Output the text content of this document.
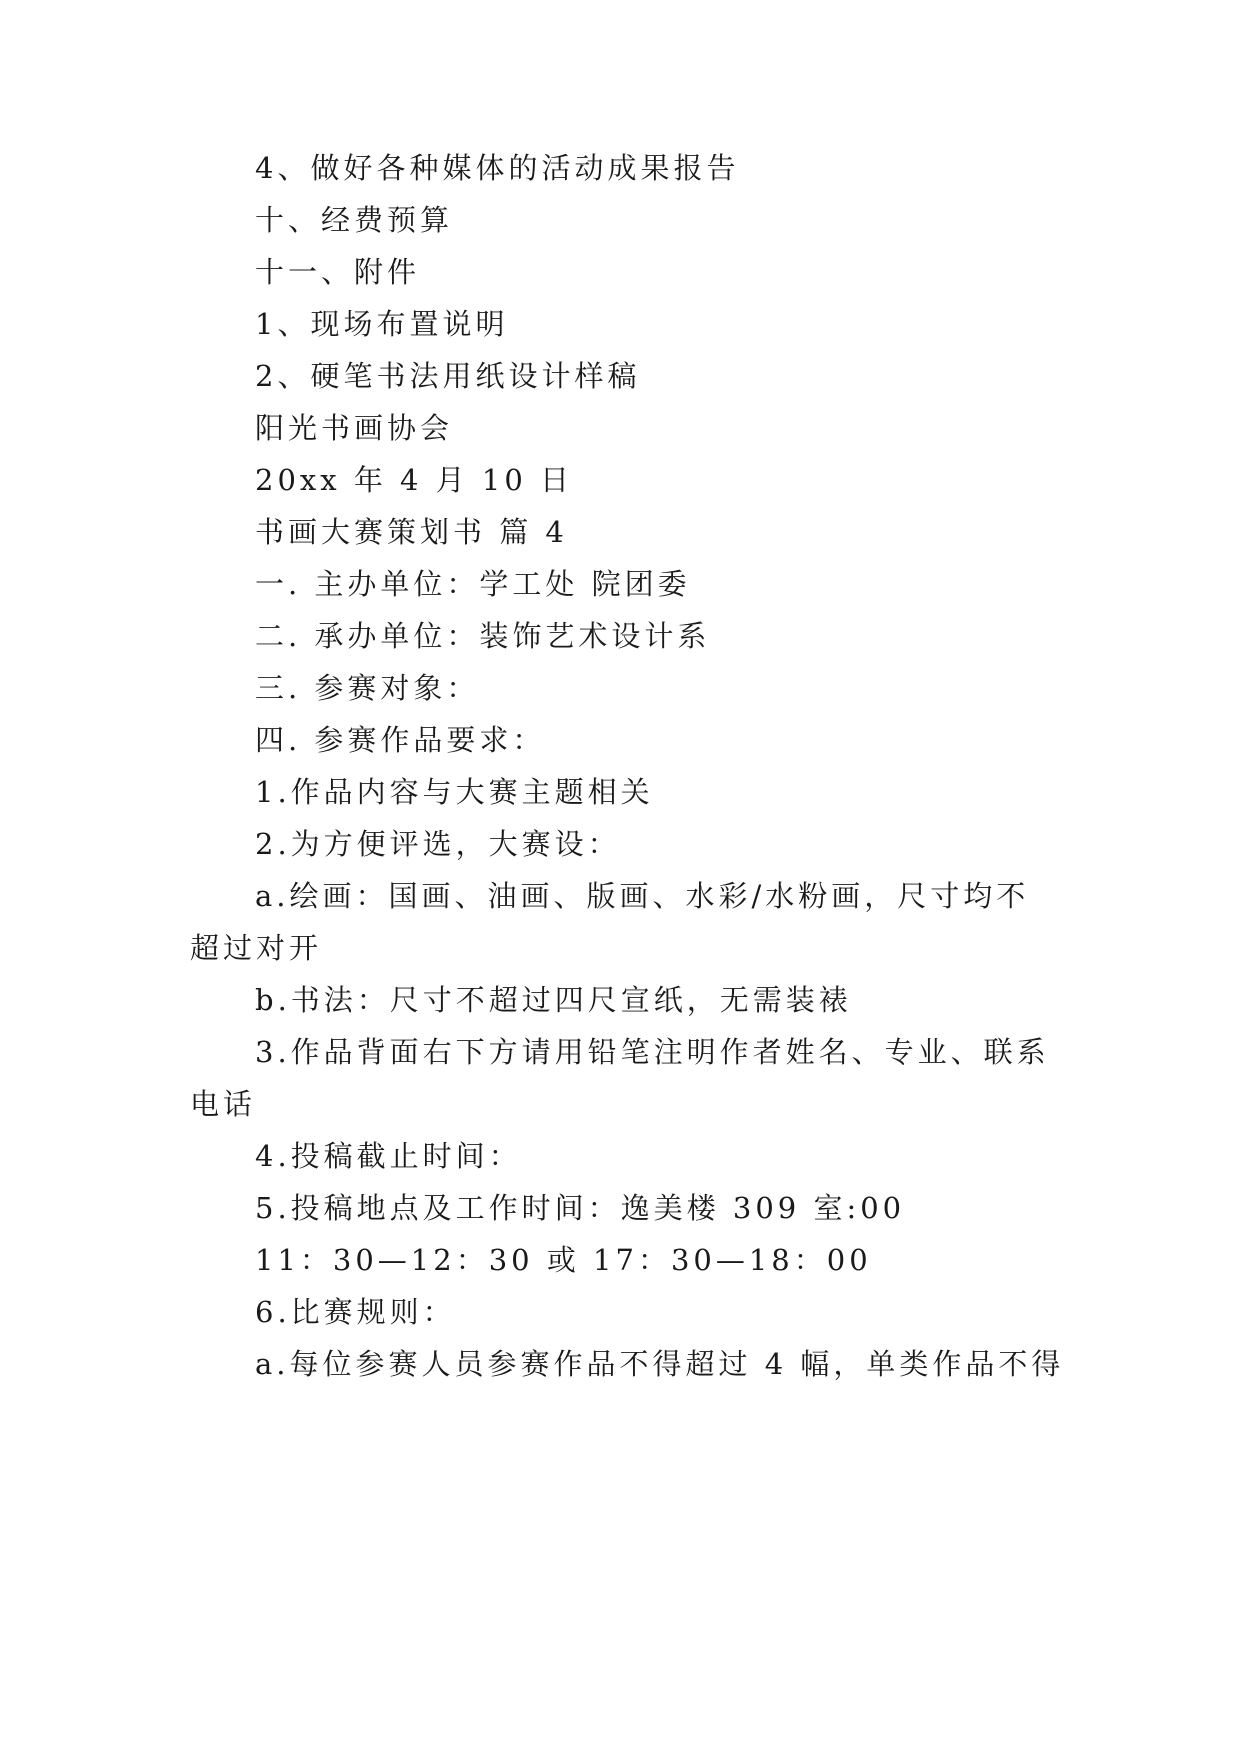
4、做好各种媒体的活动成果报告
十、经费预算
十一、附件
1、现场布置说明
2、硬笔书法用纸设计样稿
阳光书画协会
20xx 年 4 月 10 日
书画大赛策划书 篇 4
一. 主办单位：学工处 院团委
二. 承办单位：装饰艺术设计系
三. 参赛对象：
四. 参赛作品要求：
1.作品内容与大赛主题相关
2.为方便评选，大赛设：
a.绘画：国画、油画、版画、水彩/水粉画，尺寸均不
超过对开
b.书法：尺寸不超过四尺宣纸，无需装裱
3.作品背面右下方请用铅笔注明作者姓名、专业、联系
电话
4.投稿截止时间：
5.投稿地点及工作时间：逸美楼 309 室:00
11：30—12：30 或 17：30—18：00
6.比赛规则：
a.每位参赛人员参赛作品不得超过 4 幅，单类作品不得
